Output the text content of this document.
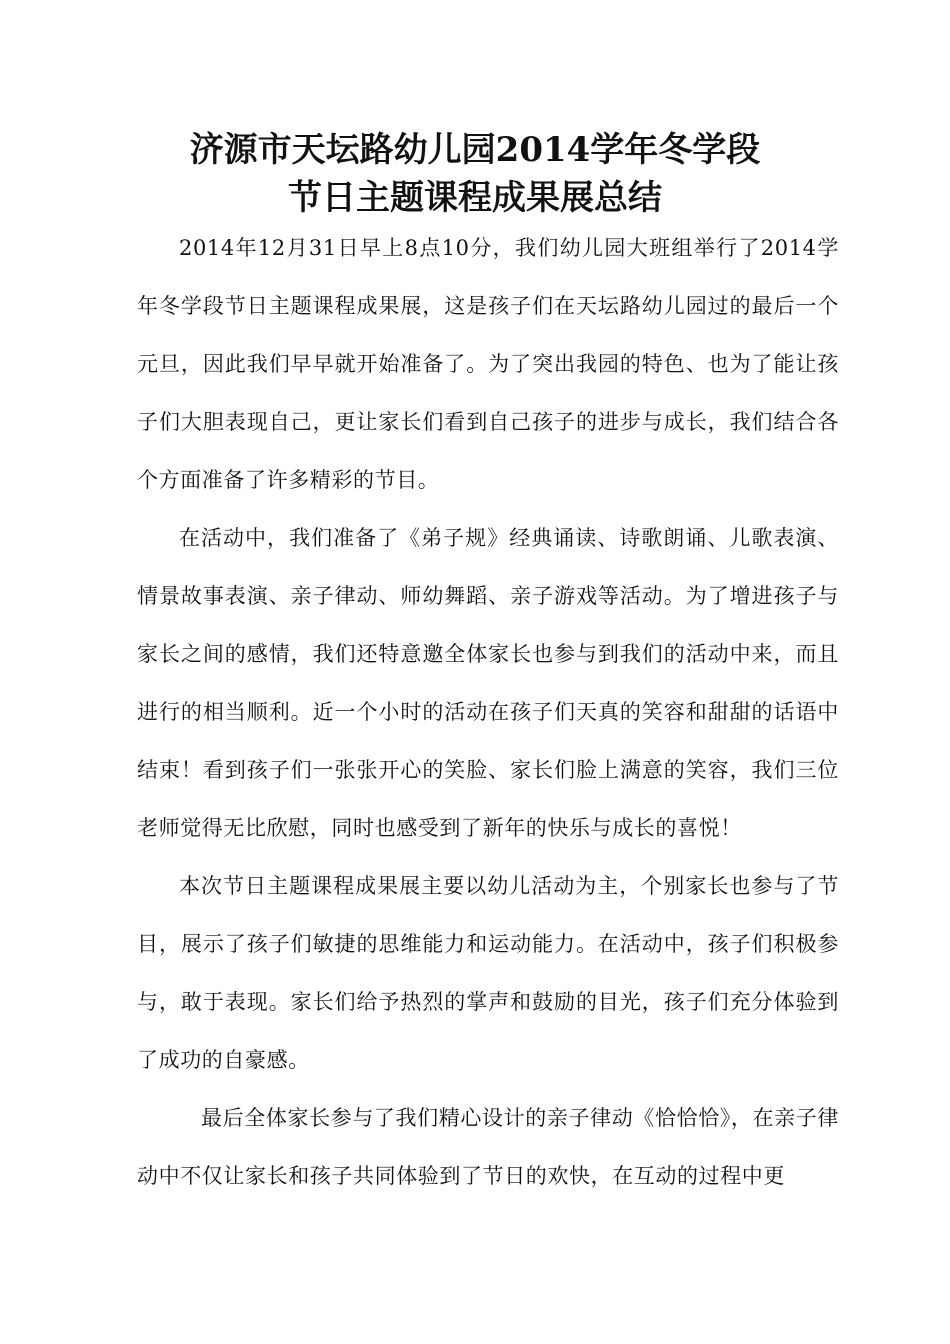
济源市天坛路幼儿园2014学年冬学段
节日主题课程成果展总结

2014年12月31日早上8点10分，我们幼儿园大班组举行了2014学年冬学段节日主题课程成果展，这是孩子们在天坛路幼儿园过的最后一个元旦，因此我们早早就开始准备了。为了突出我园的特色、也为了能让孩子们大胆表现自己，更让家长们看到自己孩子的进步与成长，我们结合各个方面准备了许多精彩的节目。

在活动中，我们准备了《弟子规》经典诵读、诗歌朗诵、儿歌表演、情景故事表演、亲子律动、师幼舞蹈、亲子游戏等活动。为了增进孩子与家长之间的感情，我们还特意邀全体家长也参与到我们的活动中来，而且进行的相当顺利。近一个小时的活动在孩子们天真的笑容和甜甜的话语中结束！看到孩子们一张张开心的笑脸、家长们脸上满意的笑容，我们三位老师觉得无比欣慰，同时也感受到了新年的快乐与成长的喜悦！

本次节日主题课程成果展主要以幼儿活动为主，个别家长也参与了节目，展示了孩子们敏捷的思维能力和运动能力。在活动中，孩子们积极参与，敢于表现。家长们给予热烈的掌声和鼓励的目光，孩子们充分体验到了成功的自豪感。

最后全体家长参与了我们精心设计的亲子律动《恰恰恰》，在亲子律动中不仅让家长和孩子共同体验到了节日的欢快，在互动的过程中更
